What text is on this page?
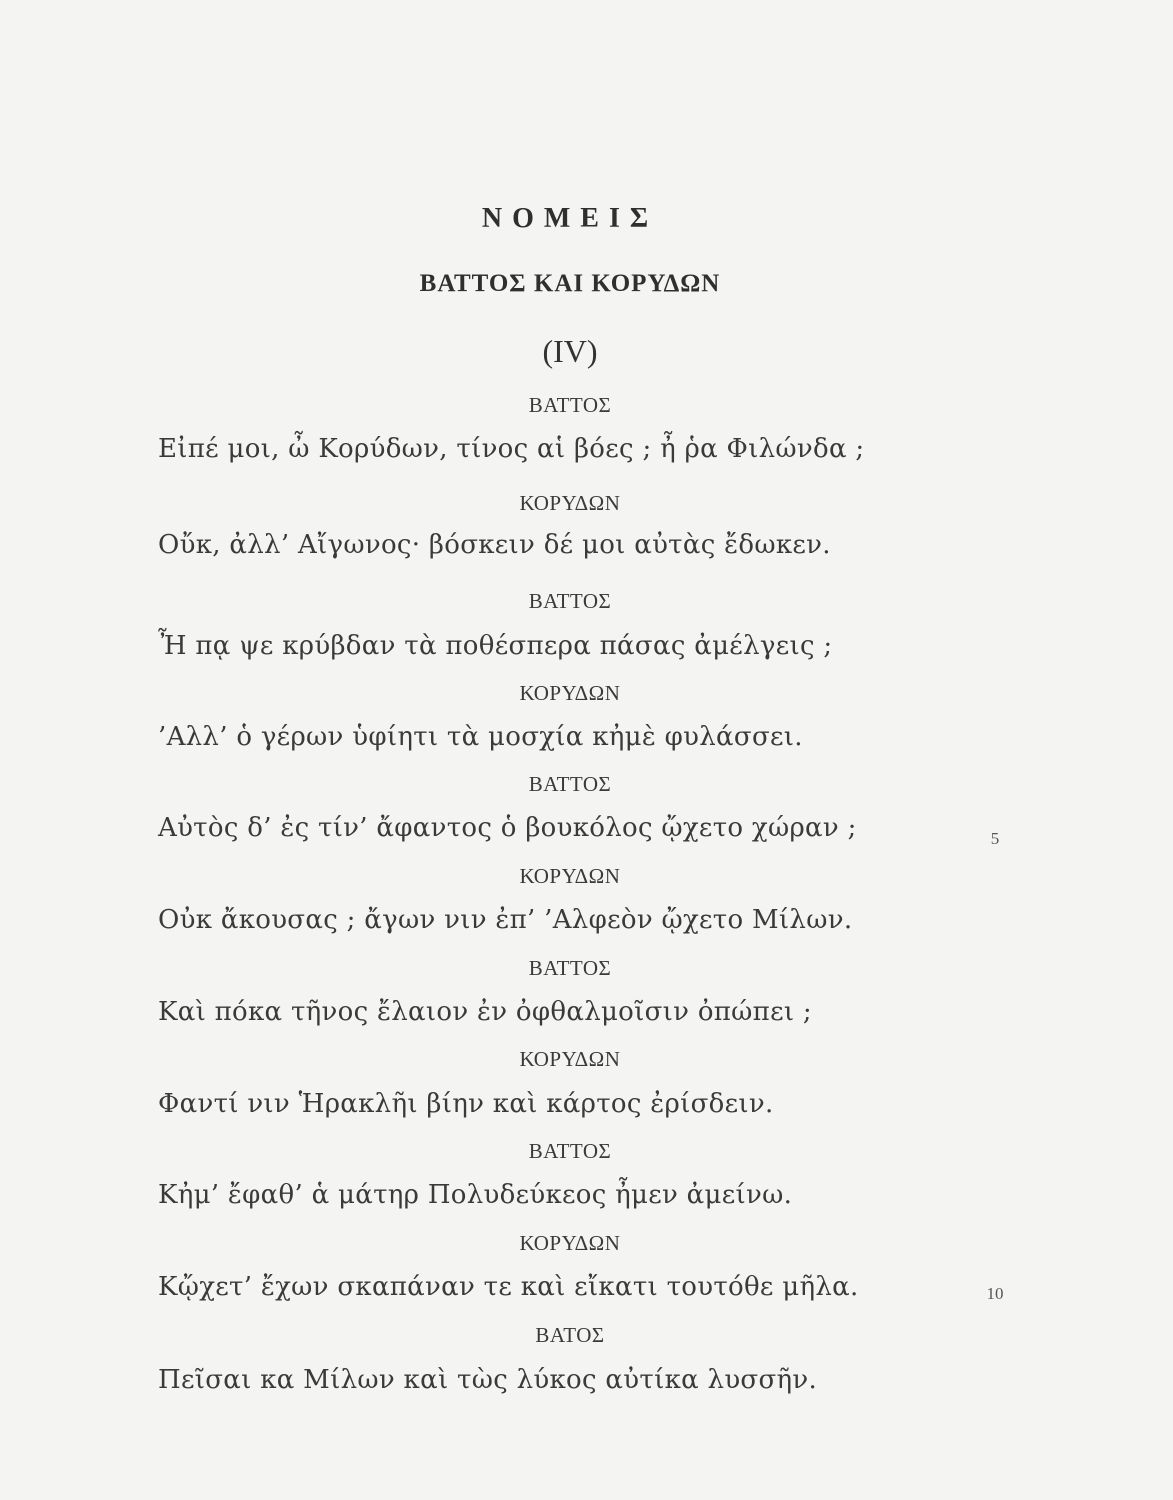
ΝΟΜΕΙΣ
ΒΑΤΤΟΣ ΚΑΙ ΚΟΡΥΔΩΝ
(IV)
ΒΑΤΤΟΣ
Εἰπέ μοι, ὦ Κορύδων, τίνος αἱ βόες ; ἦ ῥα Φιλώνδα ;
ΚΟΡΥΔΩΝ
Οὔκ, ἀλλ’ Αἴγωνος· βόσκειν δέ μοι αὐτὰς ἔδωκεν.
ΒΑΤΤΟΣ
Ἦ πᾳ ψε κρύβδαν τὰ ποθέσπερα πάσας ἀμέλγεις ;
ΚΟΡΥΔΩΝ
’Αλλ’ ὁ γέρων ὑφίητι τὰ μοσχία κἠμὲ φυλάσσει.
ΒΑΤΤΟΣ
Αὐτὸς δ’ ἐς τίν’ ἄφαντος ὁ βουκόλος ᾤχετο χώραν ;	5
ΚΟΡΥΔΩΝ
Οὐκ ἄκουσας ; ἄγων νιν ἐπ’ ’Αλφεὸν ᾤχετο Μίλων.
ΒΑΤΤΟΣ
Καὶ πόκα τῆνος ἔλαιον ἐν ὀφθαλμοῖσιν ὀπώπει ;
ΚΟΡΥΔΩΝ
Φαντί νιν Ἡρακλῆι βίην καὶ κάρτος ἐρίσδειν.
ΒΑΤΤΟΣ
Κἠμ’ ἔφαθ’ ἁ μάτηρ Πολυδεύκεος ἦμεν ἀμείνω.
ΚΟΡΥΔΩΝ
Κᾤχετ’ ἔχων σκαπάναν τε καὶ εἴκατι τουτόθε μῆλα.	10
ΒΑΤΟΣ
Πεῖσαι κα Μίλων καὶ τὼς λύκος αὐτίκα λυσσῆν.
